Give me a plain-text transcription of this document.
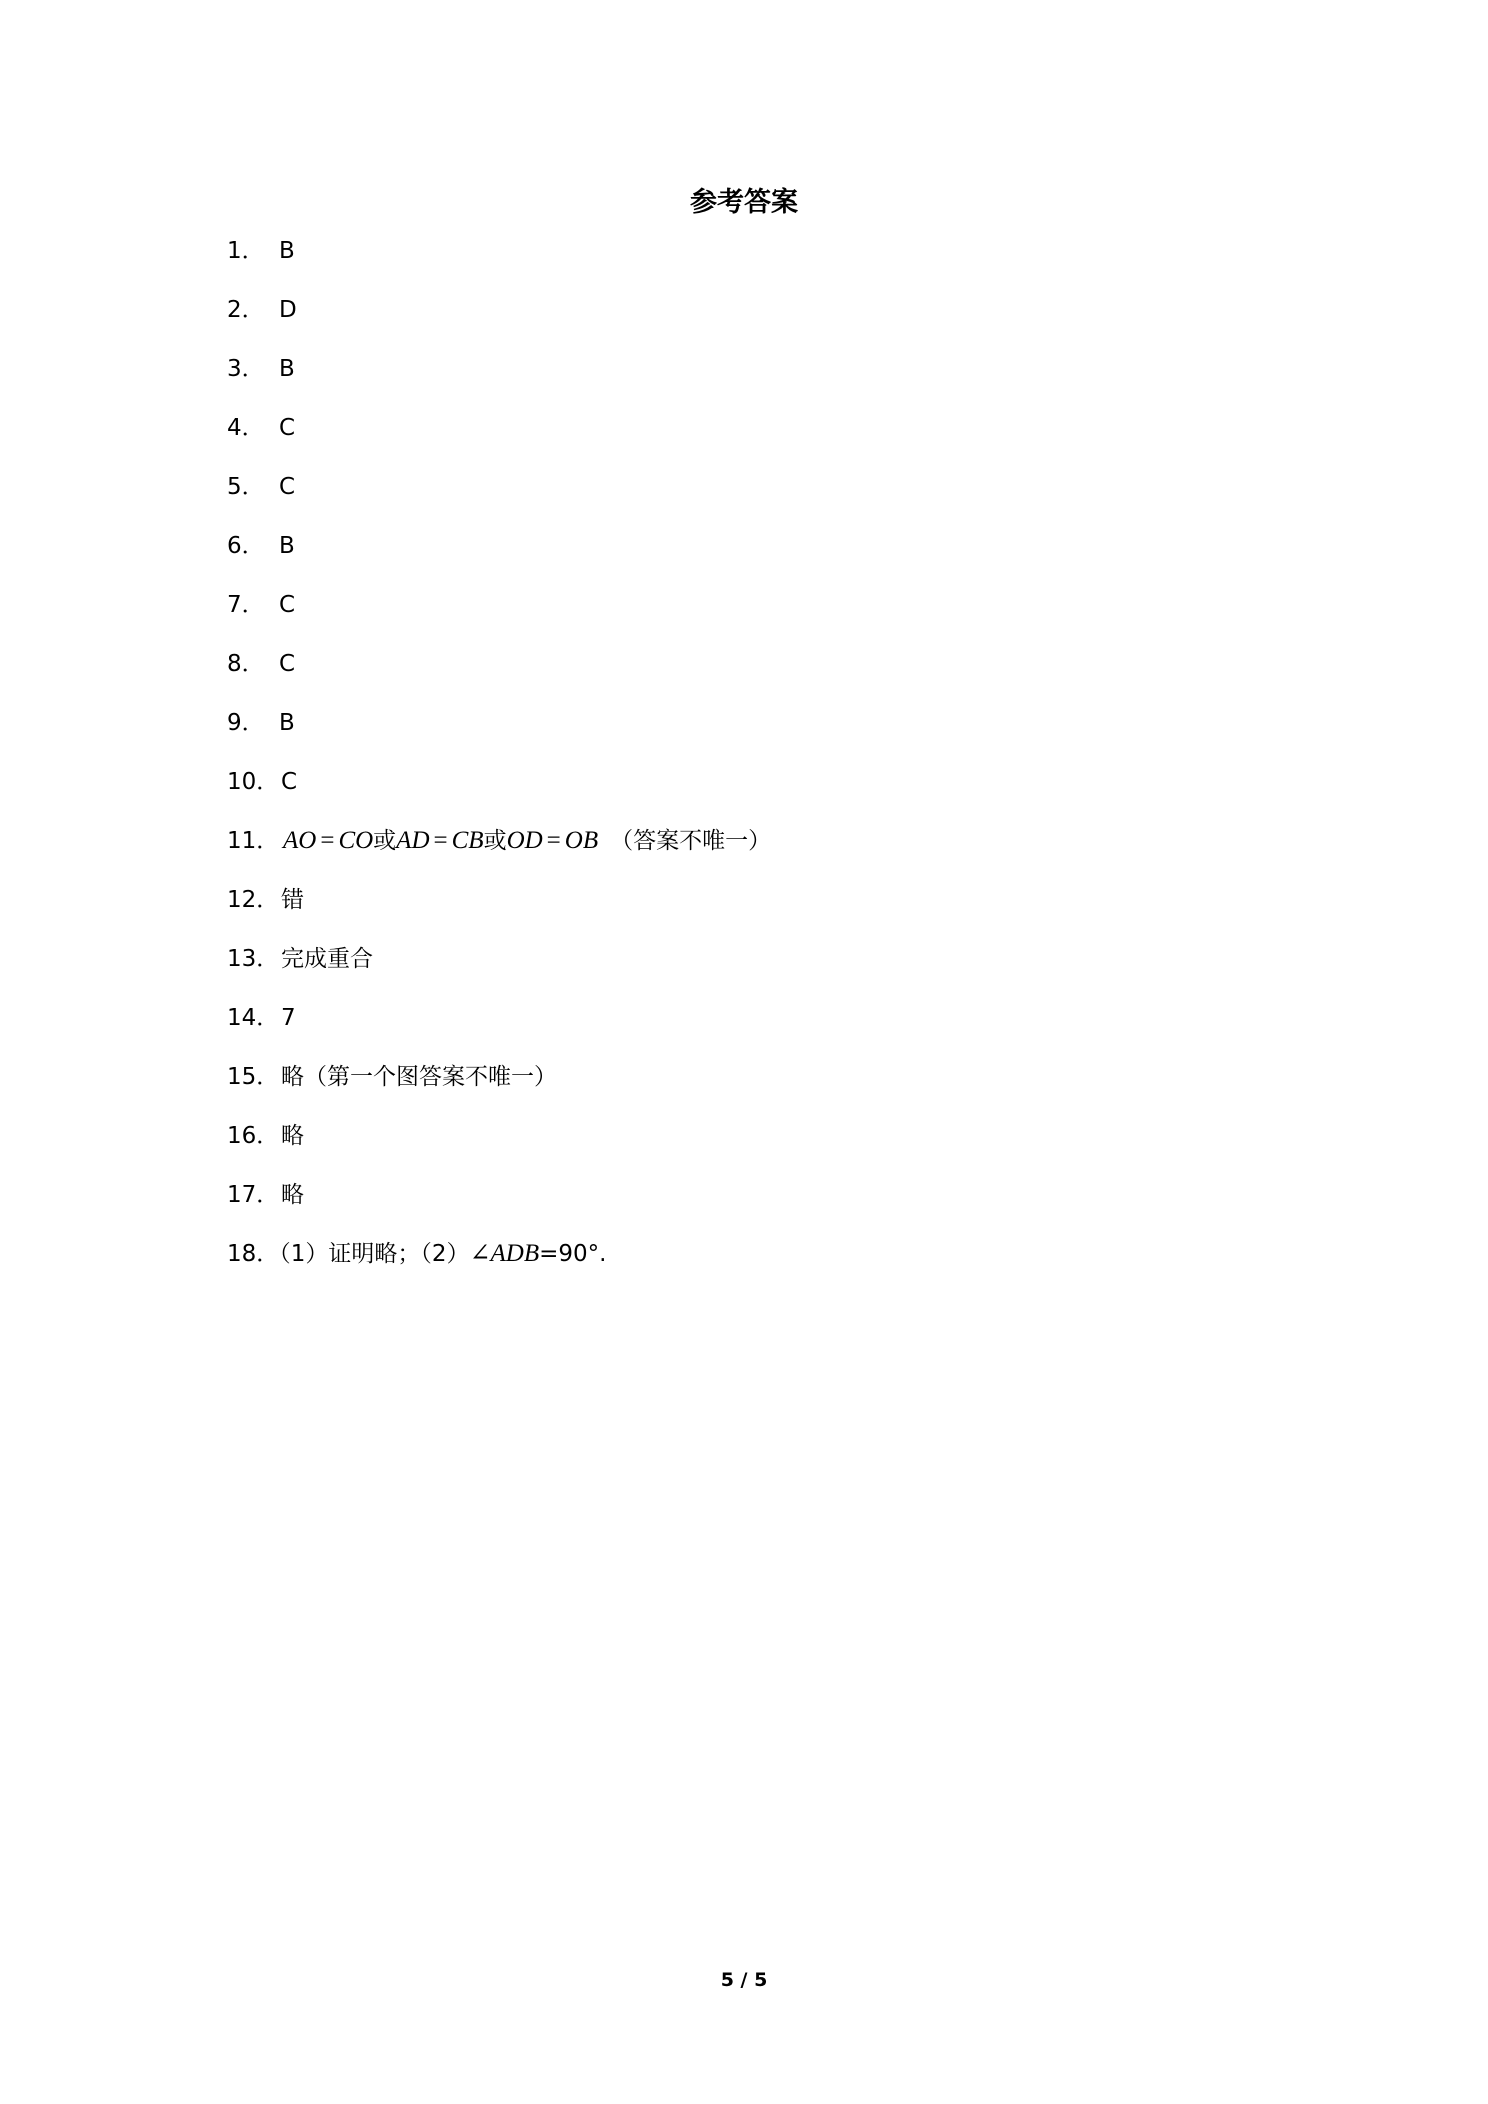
参考答案
1． B
2． D
3． B
4． C
5． C
6． B
7． C
8． C
9． B
10．C
11． AO = CO或AD = CB或OD = OB （答案不唯一）
12．错
13．完成重合
14．7
15．略（第一个图答案不唯一）
16．略
17．略
18．（1）证明略；（2）∠ADB=90°.
5 / 5
